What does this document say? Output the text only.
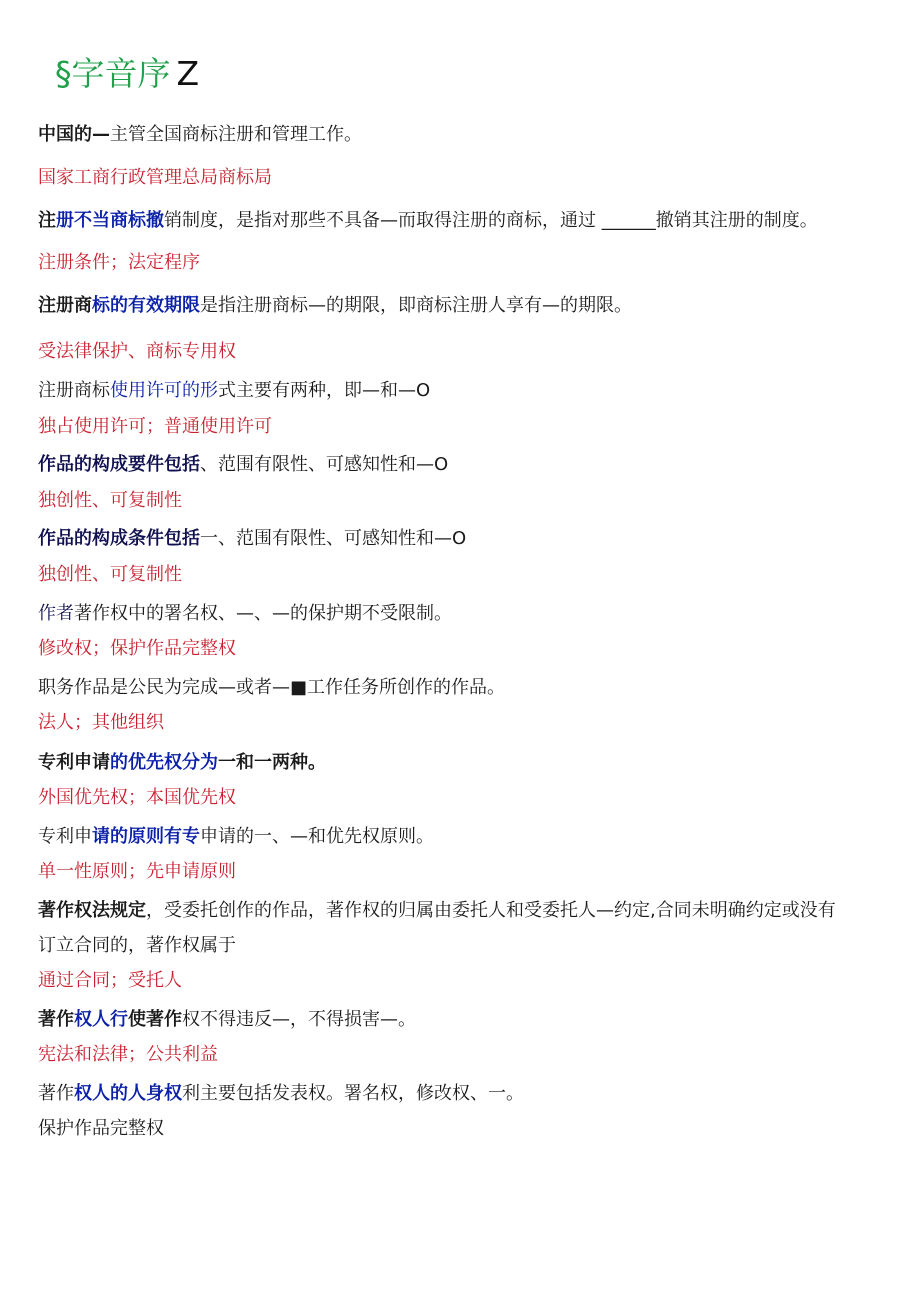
§字音序 Z
中国的—主管全国商标注册和管理工作。
国家工商行政管理总局商标局
注册不当商标撤销制度，是指对那些不具备—而取得注册的商标，通过 ______撤销其注册的制度。
注册条件；法定程序
注册商标的有效期限是指注册商标—的期限，即商标注册人享有—的期限。
受法律保护、商标专用权
注册商标使用许可的形式主要有两种，即—和—O
独占使用许可；普通使用许可
作品的构成要件包括、范围有限性、可感知性和—O
独创性、可复制性
作品的构成条件包括一、范围有限性、可感知性和—O
独创性、可复制性
作者著作权中的署名权、—、—的保护期不受限制。
修改权；保护作品完整权
职务作品是公民为完成—或者—■工作任务所创作的作品。
法人；其他组织
专利申请的优先权分为一和一两种。
外国优先权；本国优先权
专利申请的原则有专申请的一、—和优先权原则。
单一性原则；先申请原则
著作权法规定，受委托创作的作品，著作权的归属由委托人和受委托人—约定,合同未明确约定或没有
订立合同的，著作权属于
通过合同；受托人
著作权人行使著作权不得违反—，不得损害—。
宪法和法律；公共利益
著作权人的人身权利主要包括发表权。署名权，修改权、一。
保护作品完整权
